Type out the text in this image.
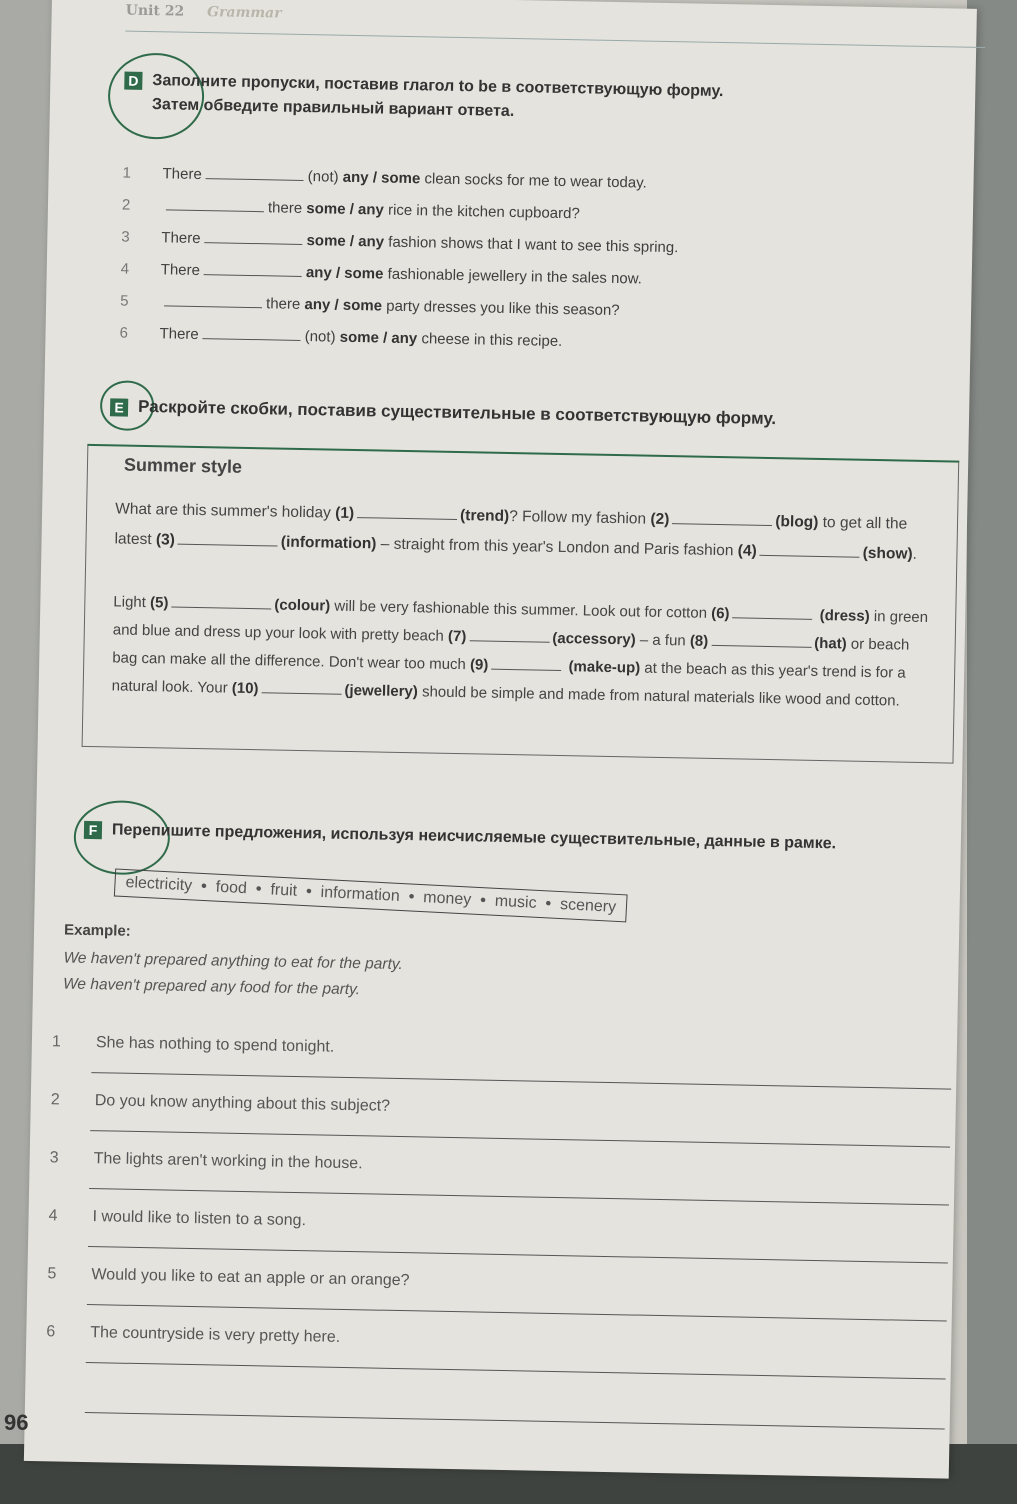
Unit 22 Grammar
D Заполните пропуски, поставив глагол to be в соответствующую форму.
Затем обведите правильный вариант ответа.
1 There	(not) any / some clean socks for me to wear today.
2	there some / any rice in the kitchen cupboard?
3 There	some / any fashion shows that I want to see this spring.
4 There	any / some fashionable jewellery in the sales now.
5	there any / some party dresses you like this season?
6 There	(not) some / any cheese in this recipe.
E Раскройте скобки, поставив существительные в соответствующую форму.
Summer style
What are this summer's holiday (1)	(trend)? Follow my fashion (2)	(blog) to get all the latest (3)	(information) – straight from this year's London and Paris fashion (4)	(show).
Light (5)	(colour) will be very fashionable this summer. Look out for cotton (6)	(dress) in green and blue and dress up your look with pretty beach (7)	(accessory) – a fun (8)	(hat) or beach bag can make all the difference. Don't wear too much (9)	(make-up) at the beach as this year's trend is for a natural look. Your (10)	(jewellery) should be simple and made from natural materials like wood and cotton.
F Перепишите предложения, используя неисчисляемые существительные, данные в рамке.
electricity • food • fruit • information • money • music • scenery
Example:
We haven't prepared anything to eat for the party.
We haven't prepared any food for the party.
1 She has nothing to spend tonight.
2 Do you know anything about this subject?
3 The lights aren't working in the house.
4 I would like to listen to a song.
5 Would you like to eat an apple or an orange?
6 The countryside is very pretty here.
96
